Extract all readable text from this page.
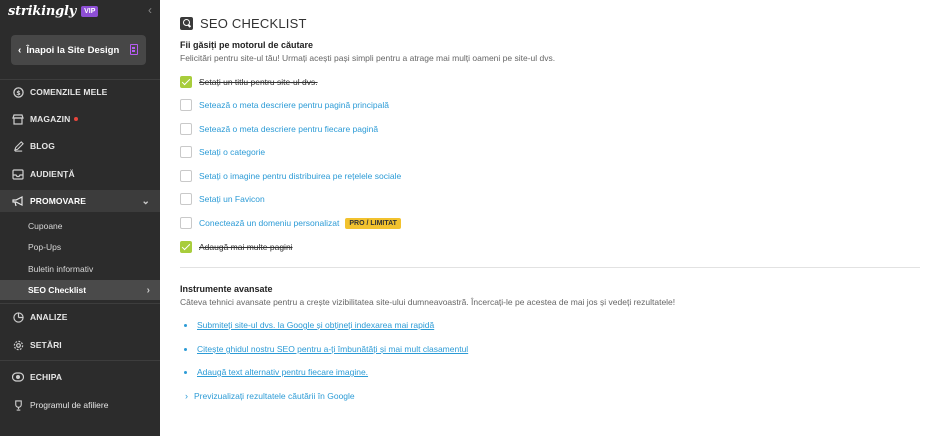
strikingly	VIP	‹
‹ Înapoi la Site Design
$ COMENZILE MELE
MAGAZIN
BLOG
AUDIENȚĂ
PROMOVARE	⌄
Cupoane
Pop-Ups
Buletin informativ
SEO Checklist	›
ANALIZE
SETĂRI
ECHIPA
Programul de afiliere
SEO CHECKLIST
Fii găsiți pe motorul de căutare
Felicitări pentru site-ul tău! Urmați acești pași simpli pentru a atrage mai mulți oameni pe site-ul dvs.
Setați un titlu pentru site-ul dvs.
Setează o meta descriere pentru pagină principală
Setează o meta descriere pentru fiecare pagină
Setați o categorie
Setați o imagine pentru distribuirea pe rețelele sociale
Setați un Favicon
Conectează un domeniu personalizat	PRO / LIMITAT
Adaugă mai multe pagini
Instrumente avansate
Câteva tehnici avansate pentru a crește vizibilitatea site-ului dumneavoastră. Încercați-le pe acestea de mai jos și vedeți rezultatele!
Submiteți site-ul dvs. la Google și obțineți indexarea mai rapidă
Citește ghidul nostru SEO pentru a-ți îmbunătăți și mai mult clasamentul
Adaugă text alternativ pentru fiecare imagine.
› Previzualizați rezultatele căutării în Google
